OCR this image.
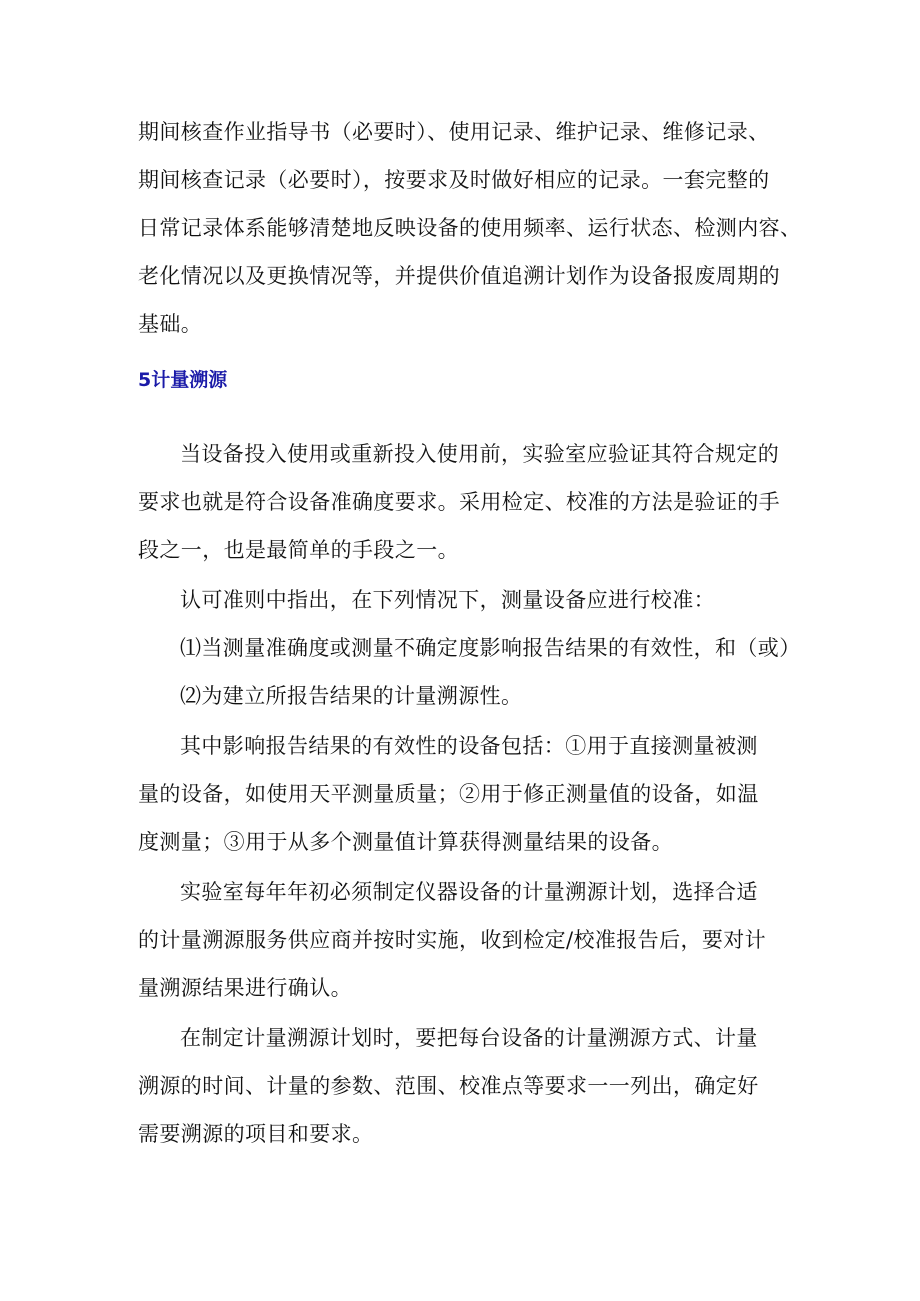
期间核查作业指导书（必要时）、使用记录、维护记录、维修记录、
期间核查记录（必要时），按要求及时做好相应的记录。一套完整的
日常记录体系能够清楚地反映设备的使用频率、运行状态、检测内容、
老化情况以及更换情况等，并提供价值追溯计划作为设备报废周期的
基础。
5计量溯源
当设备投入使用或重新投入使用前，实验室应验证其符合规定的
要求也就是符合设备准确度要求。采用检定、校准的方法是验证的手
段之一，也是最简单的手段之一。
认可准则中指出，在下列情况下，测量设备应进行校准：
⑴当测量准确度或测量不确定度影响报告结果的有效性，和（或）
⑵为建立所报告结果的计量溯源性。
其中影响报告结果的有效性的设备包括：①用于直接测量被测
量的设备，如使用天平测量质量；②用于修正测量值的设备，如温
度测量；③用于从多个测量值计算获得测量结果的设备。
实验室每年年初必须制定仪器设备的计量溯源计划，选择合适
的计量溯源服务供应商并按时实施，收到检定/校准报告后，要对计
量溯源结果进行确认。
在制定计量溯源计划时，要把每台设备的计量溯源方式、计量
溯源的时间、计量的参数、范围、校准点等要求一一列出，确定好
需要溯源的项目和要求。
